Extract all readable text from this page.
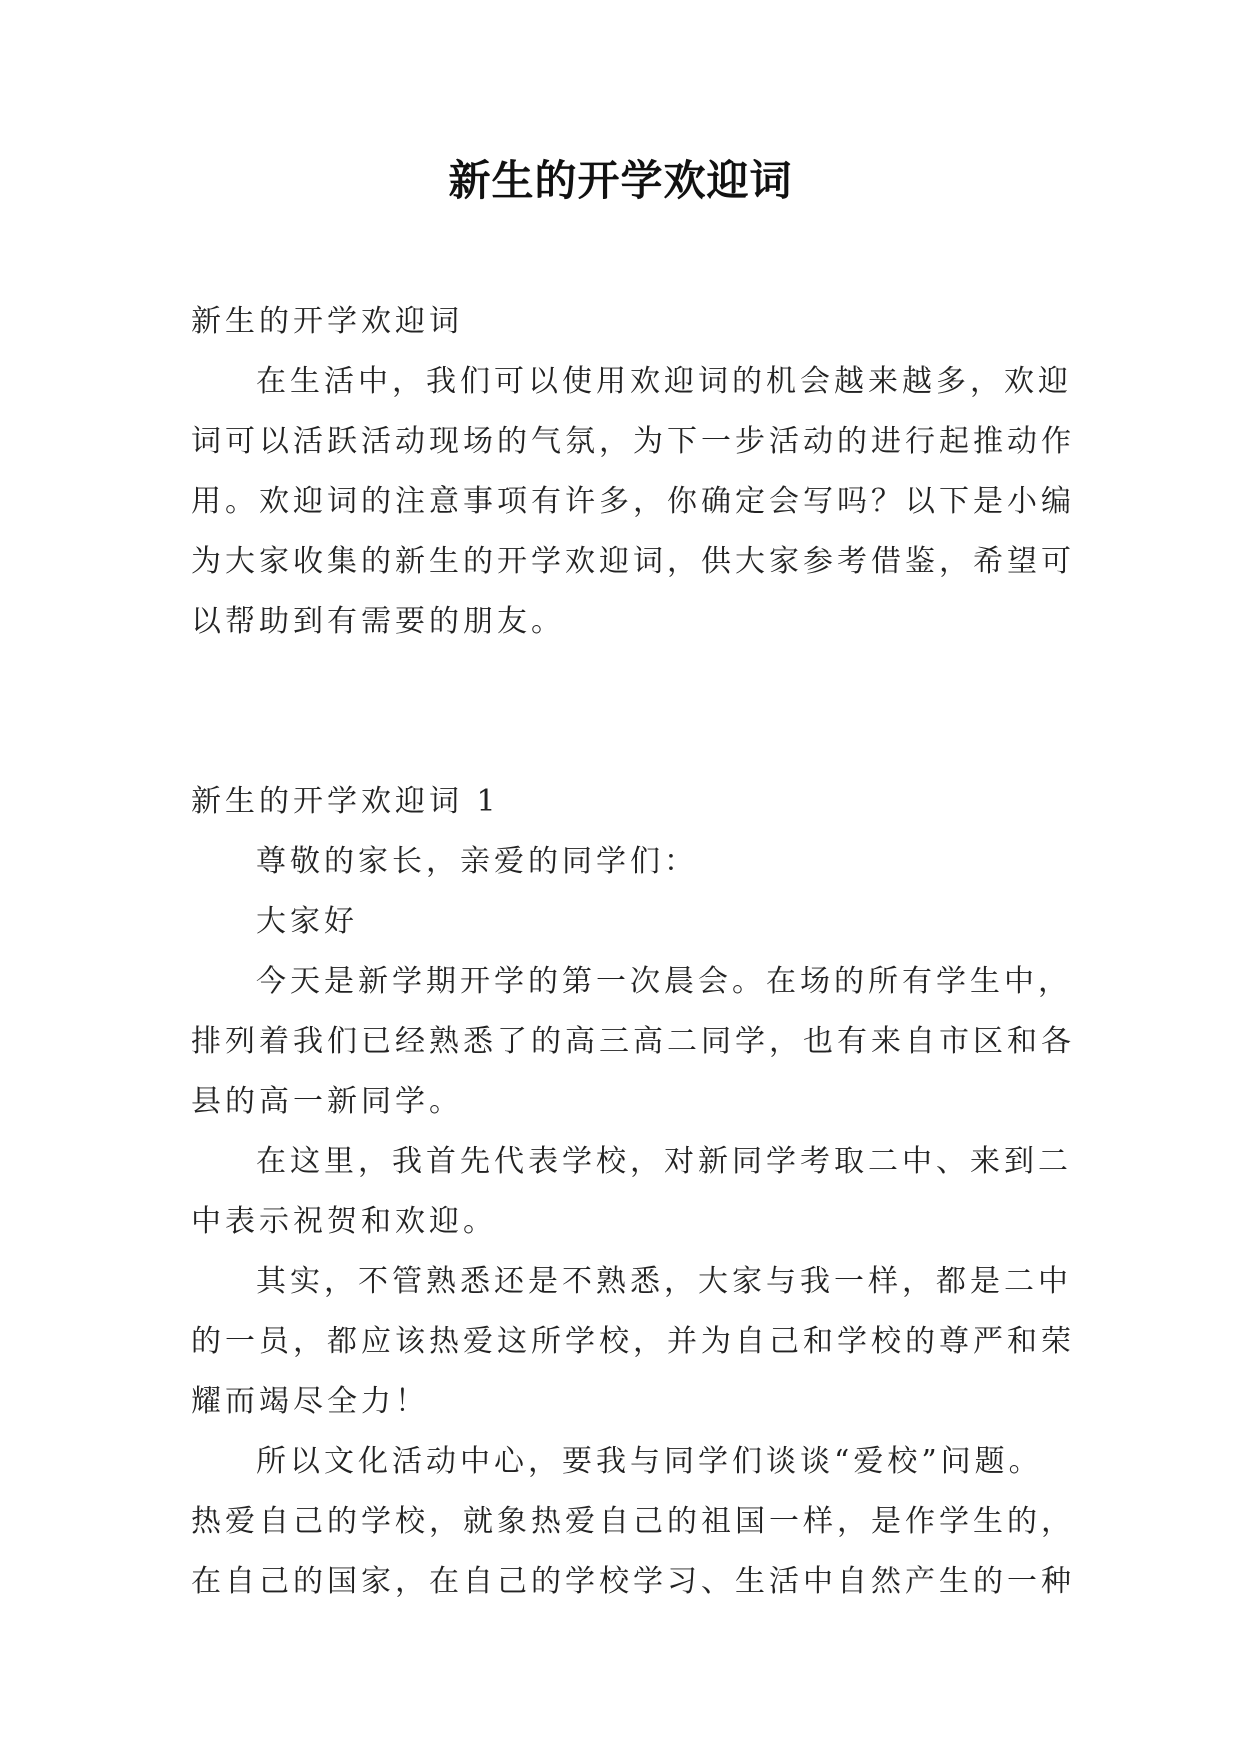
新生的开学欢迎词
新生的开学欢迎词
在生活中，我们可以使用欢迎词的机会越来越多，欢迎
词可以活跃活动现场的气氛，为下一步活动的进行起推动作
用。欢迎词的注意事项有许多，你确定会写吗？以下是小编
为大家收集的新生的开学欢迎词，供大家参考借鉴，希望可
以帮助到有需要的朋友。
新生的开学欢迎词 1
尊敬的家长，亲爱的同学们：
大家好
今天是新学期开学的第一次晨会。在场的所有学生中，
排列着我们已经熟悉了的高三高二同学，也有来自市区和各
县的高一新同学。
在这里，我首先代表学校，对新同学考取二中、来到二
中表示祝贺和欢迎。
其实，不管熟悉还是不熟悉，大家与我一样，都是二中
的一员，都应该热爱这所学校，并为自己和学校的尊严和荣
耀而竭尽全力！
所以文化活动中心，要我与同学们谈谈“爱校”问题。
热爱自己的学校，就象热爱自己的祖国一样，是作学生的，
在自己的国家，在自己的学校学习、生活中自然产生的一种
